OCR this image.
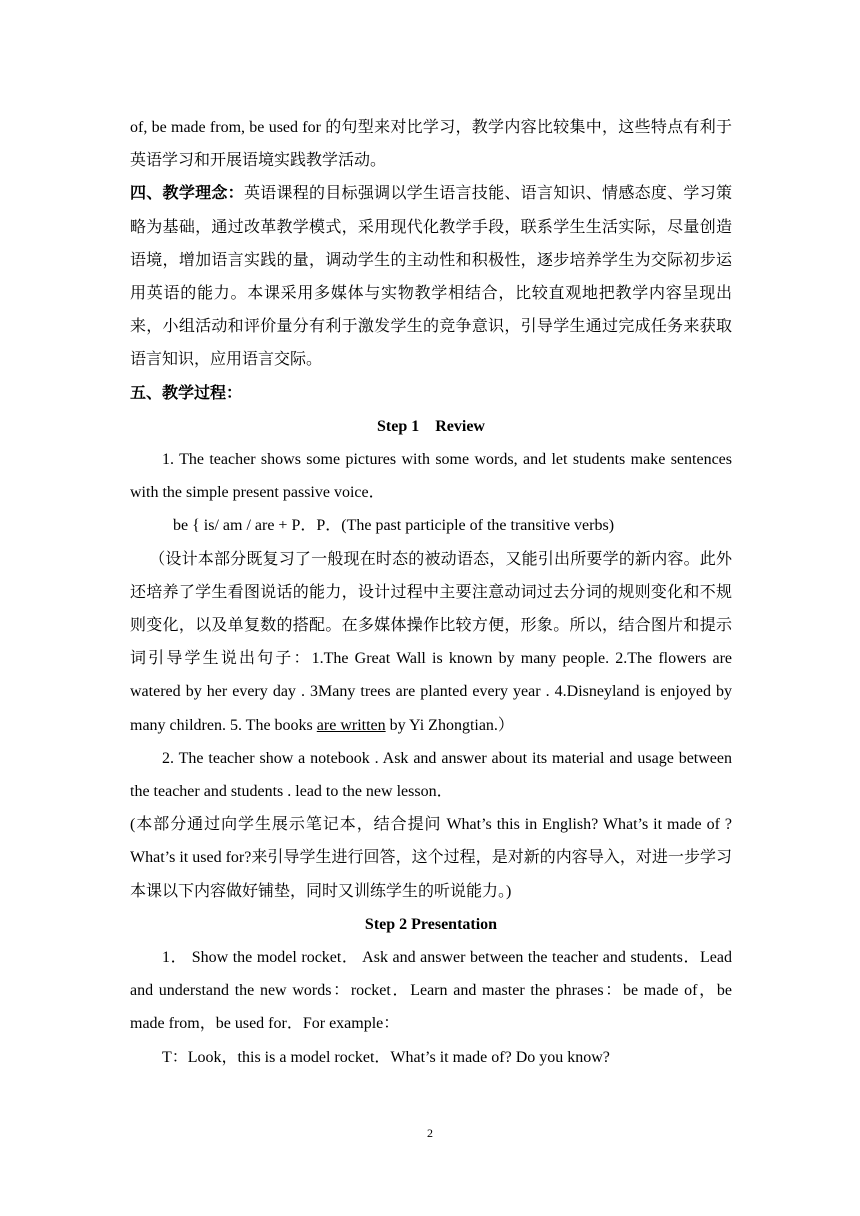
of, be made from, be used for 的句型来对比学习，教学内容比较集中，这些特点有利于英语学习和开展语境实践教学活动。

四、教学理念：英语课程的目标强调以学生语言技能、语言知识、情感态度、学习策略为基础，通过改革教学模式，采用现代化教学手段，联系学生生活实际，尽量创造语境，增加语言实践的量，调动学生的主动性和积极性，逐步培养学生为交际初步运用英语的能力。本课采用多媒体与实物教学相结合，比较直观地把教学内容呈现出来，小组活动和评价量分有利于激发学生的竞争意识，引导学生通过完成任务来获取语言知识，应用语言交际。

五、教学过程：

Step 1    Review

1. The teacher shows some pictures with some words, and let students make sentences with the simple present passive voice．

be { is/ am / are + P．P．(The past participle of the transitive verbs)

（设计本部分既复习了一般现在时态的被动语态，又能引出所要学的新内容。此外还培养了学生看图说话的能力，设计过程中主要注意动词过去分词的规则变化和不规则变化，以及单复数的搭配。在多媒体操作比较方便，形象。所以，结合图片和提示词引导学生说出句子：1.The Great Wall is known by many people. 2.The flowers are watered by her every day . 3Many trees are planted every year . 4.Disneyland is enjoyed by many children. 5. The books are written by Yi Zhongtian.）

2. The teacher show a notebook . Ask and answer about its material and usage between the teacher and students . lead to the new lesson．

(本部分通过向学生展示笔记本，结合提问 What’s this in English? What’s it made of ? What’s it used for?来引导学生进行回答，这个过程，是对新的内容导入，对进一步学习本课以下内容做好铺垫，同时又训练学生的听说能力。)

Step 2 Presentation

1． Show the model rocket． Ask and answer between the teacher and students．Lead and understand the new words：rocket．Learn and master the phrases：be made of，be made from，be used for．For example：

T：Look，this is a model rocket．What’s it made of? Do you know?

2
